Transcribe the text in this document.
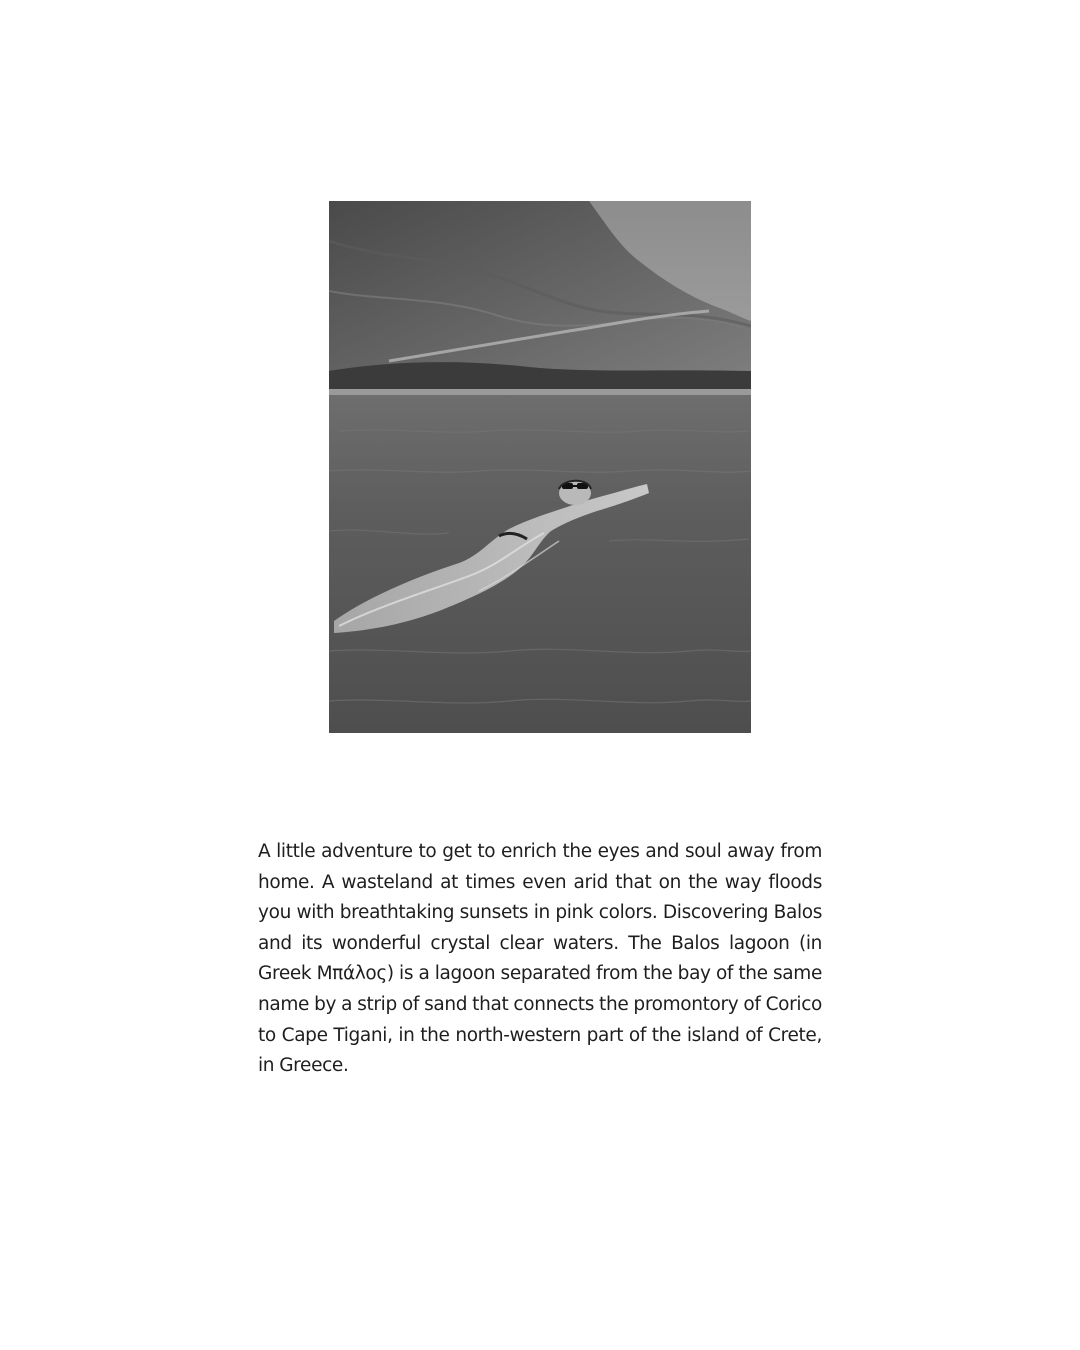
A little adventure to get to enrich the eyes and soul away from home. A wasteland at times even arid that on the way floods you with breathtaking sunsets in pink colors. Discovering Balos and its wonderful crystal clear waters. The Balos lagoon (in Greek Μπάλος) is a lagoon separated from the bay of the same name by a strip of sand that connects the promontory of Corico to Cape Tigani, in the north-western part of the island of Crete, in Greece.
